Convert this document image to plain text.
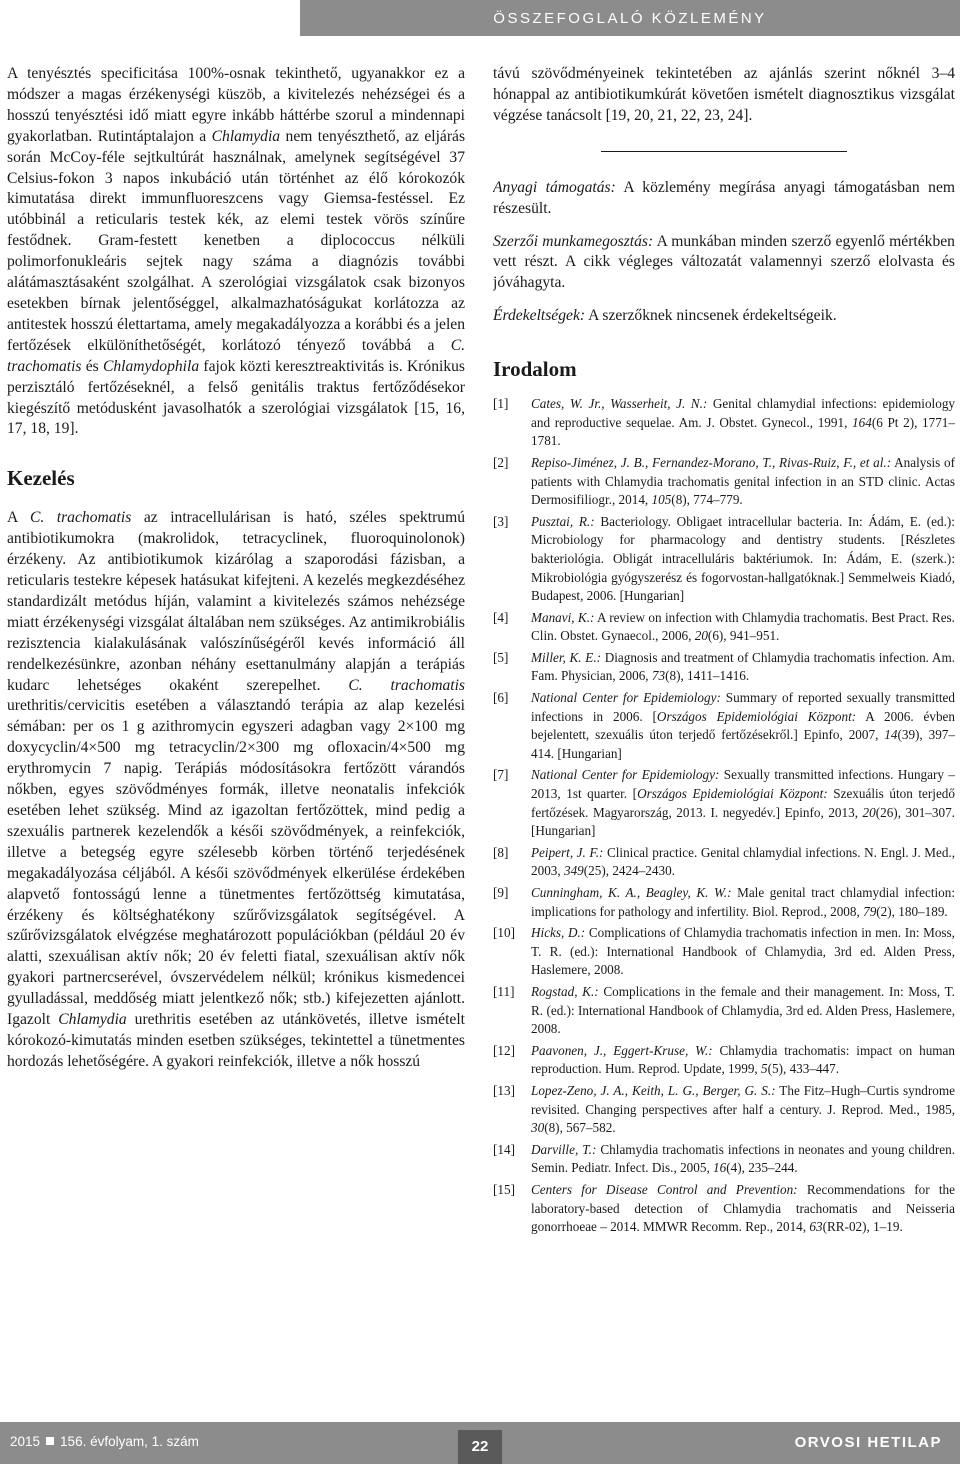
ÖSSZEFOGLALÓ KÖZLEMÉNY

A tenyésztés specificitása 100%-osnak tekinthető, ugyanakkor ez a módszer a magas érzékenységi küszöb, a kivitelezés nehézségei és a hosszú tenyésztési idő miatt egyre inkább háttérbe szorul a mindennapi gyakorlatban. Rutintáptalajon a Chlamydia nem tenyészthető, az eljárás során McCoy-féle sejtkultúrát használnak, amelynek segítségével 37 Celsius-fokon 3 napos inkubáció után történhet az élő kórokozók kimutatása direkt immunfluoreszcens vagy Giemsa-festéssel. Ez utóbbinál a reticularis testek kék, az elemi testek vörös színűre festődnek. Gram-festett kenetben a diplococcus nélküli polimorfonukleáris sejtek nagy száma a diagnózis további alátámasztásaként szolgálhat. A szerológiai vizsgálatok csak bizonyos esetekben bírnak jelentőséggel, alkalmazhatóságukat korlátozza az antitestek hosszú élettartama, amely megakadályozza a korábbi és a jelen fertőzések elkülöníthetőségét, korlátozó tényező továbbá a C. trachomatis és Chlamydophila fajok közti keresztreaktivitás is. Krónikus perzisztáló fertőzéseknél, a felső genitális traktus fertőződésekor kiegészítő metódusként javasolhatók a szerológiai vizsgálatok [15, 16, 17, 18, 19].

Kezelés

A C. trachomatis az intracellulárisan is ható, széles spektrumú antibiotikumokra (makrolidok, tetracyclinek, fluoroquinolonok) érzékeny. Az antibiotikumok kizárólag a szaporodási fázisban, a reticularis testekre képesek hatásukat kifejteni. A kezelés megkezdéséhez standardizált metódus híján, valamint a kivitelezés számos nehézsége miatt érzékenységi vizsgálat általában nem szükséges. Az antimikrobiális rezisztencia kialakulásának valószínűségéről kevés információ áll rendelkezésünkre, azonban néhány esettanulmány alapján a terápiás kudarc lehetséges okaként szerepelhet. C. trachomatis urethritis/cervicitis esetében a választandó terápia az alap kezelési sémában: per os 1 g azithromycin egyszeri adagban vagy 2×100 mg doxycyclin/4×500 mg tetracyclin/2×300 mg ofloxacin/4×500 mg erythromycin 7 napig. Terápiás módosításokra fertőzött várandós nőkben, egyes szövődményes formák, illetve neonatalis infekciók esetében lehet szükség. Mind az igazoltan fertőzöttek, mind pedig a szexuális partnerek kezelendők a késői szövődmények, a reinfekciók, illetve a betegség egyre szélesebb körben történő terjedésének megakadályozása céljából. A késői szövődmények elkerülése érdekében alapvető fontosságú lenne a tünetmentes fertőzöttség kimutatása, érzékeny és költséghatékony szűrővizsgálatok segítségével. A szűrővizsgálatok elvégzése meghatározott populációkban (például 20 év alatti, szexuálisan aktív nők; 20 év feletti fiatal, szexuálisan aktív nők gyakori partnercserével, óvszervédelem nélkül; krónikus kismedencei gyulladással, meddőség miatt jelentkező nők; stb.) kifejezetten ajánlott. Igazolt Chlamydia urethritis esetében az utánkövetés, illetve ismételt kórokozó-kimutatás minden esetben szükséges, tekintettel a tünetmentes hordozás lehetőségére. A gyakori reinfekciók, illetve a nők hosszú

távú szövődményeinek tekintetében az ajánlás szerint nőknél 3–4 hónappal az antibiotikumkúrát követően ismételt diagnosztikus vizsgálat végzése tanácsolt [19, 20, 21, 22, 23, 24].

Anyagi támogatás: A közlemény megírása anyagi támogatásban nem részesült.

Szerzői munkamegosztás: A munkában minden szerző egyenlő mértékben vett részt. A cikk végleges változatát valamennyi szerző elolvasta és jóváhagyta.

Érdekeltségek: A szerzőknek nincsenek érdekeltségeik.

Irodalom
[1]	Cates, W. Jr., Wasserheit, J. N.: Genital chlamydial infections: epidemiology and reproductive sequelae. Am. J. Obstet. Gynecol., 1991, 164(6 Pt 2), 1771–1781.
[2]	Repiso-Jiménez, J. B., Fernandez-Morano, T., Rivas-Ruiz, F., et al.: Analysis of patients with Chlamydia trachomatis genital infection in an STD clinic. Actas Dermosifiliogr., 2014, 105(8), 774–779.
[3]	Pusztai, R.: Bacteriology. Obligaet intracellular bacteria. In: Ádám, E. (ed.): Microbiology for pharmacology and dentistry students. [Részletes bakteriológia. Obligát intracelluláris baktériumok. In: Ádám, E. (szerk.): Mikrobiológia gyógyszerész és fogorvostan-hallgatóknak.] Semmelweis Kiadó, Budapest, 2006. [Hungarian]
[4]	Manavi, K.: A review on infection with Chlamydia trachomatis. Best Pract. Res. Clin. Obstet. Gynaecol., 2006, 20(6), 941–951.
[5]	Miller, K. E.: Diagnosis and treatment of Chlamydia trachomatis infection. Am. Fam. Physician, 2006, 73(8), 1411–1416.
[6]	National Center for Epidemiology: Summary of reported sexually transmitted infections in 2006. [Országos Epidemiológiai Központ: A 2006. évben bejelentett, szexuális úton terjedő fertőzésekről.] Epinfo, 2007, 14(39), 397–414. [Hungarian]
[7]	National Center for Epidemiology: Sexually transmitted infections. Hungary – 2013, 1st quarter. [Országos Epidemiológiai Központ: Szexuális úton terjedő fertőzések. Magyarország, 2013. I. negyedév.] Epinfo, 2013, 20(26), 301–307. [Hungarian]
[8]	Peipert, J. F.: Clinical practice. Genital chlamydial infections. N. Engl. J. Med., 2003, 349(25), 2424–2430.
[9]	Cunningham, K. A., Beagley, K. W.: Male genital tract chlamydial infection: implications for pathology and infertility. Biol. Reprod., 2008, 79(2), 180–189.
[10]	Hicks, D.: Complications of Chlamydia trachomatis infection in men. In: Moss, T. R. (ed.): International Handbook of Chlamydia, 3rd ed. Alden Press, Haslemere, 2008.
[11]	Rogstad, K.: Complications in the female and their management. In: Moss, T. R. (ed.): International Handbook of Chlamydia, 3rd ed. Alden Press, Haslemere, 2008.
[12]	Paavonen, J., Eggert-Kruse, W.: Chlamydia trachomatis: impact on human reproduction. Hum. Reprod. Update, 1999, 5(5), 433–447.
[13]	Lopez-Zeno, J. A., Keith, L. G., Berger, G. S.: The Fitz–Hugh–Curtis syndrome revisited. Changing perspectives after half a century. J. Reprod. Med., 1985, 30(8), 567–582.
[14]	Darville, T.: Chlamydia trachomatis infections in neonates and young children. Semin. Pediatr. Infect. Dis., 2005, 16(4), 235–244.
[15]	Centers for Disease Control and Prevention: Recommendations for the laboratory-based detection of Chlamydia trachomatis and Neisseria gonorrhoeae – 2014. MMWR Recomm. Rep., 2014, 63(RR-02), 1–19.
2015 156. évfolyam, 1. szám	22	ORVOSI HETILAP
